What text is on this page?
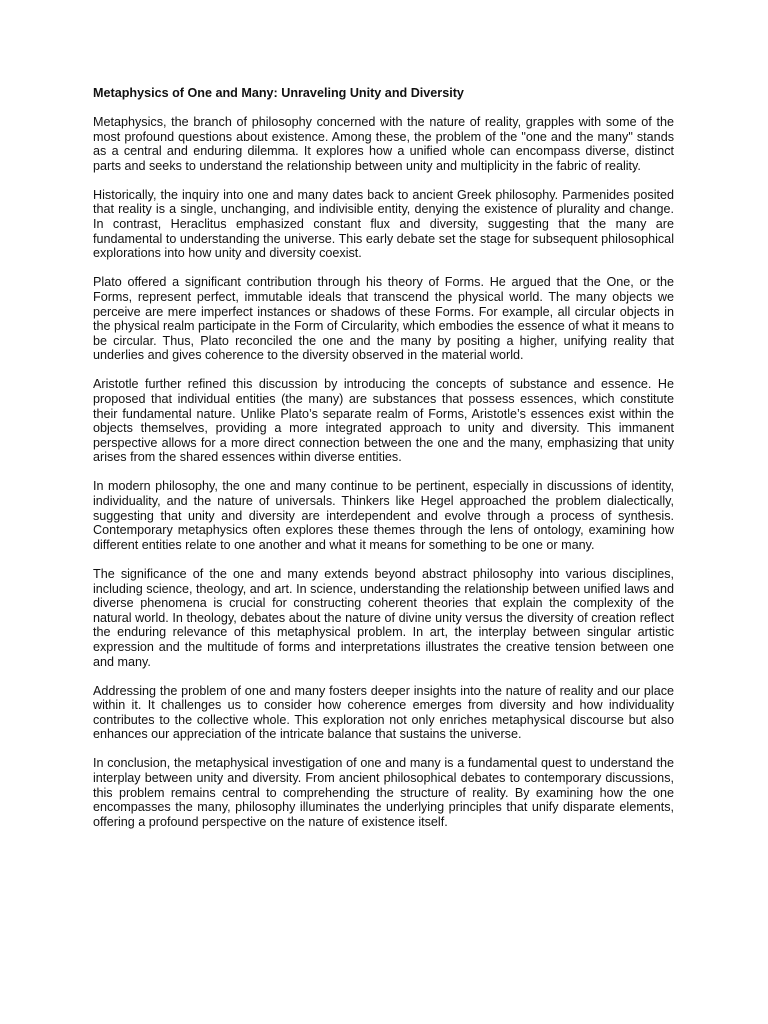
Metaphysics of One and Many: Unraveling Unity and Diversity

Metaphysics, the branch of philosophy concerned with the nature of reality, grapples with some of the most profound questions about existence. Among these, the problem of the "one and the many" stands as a central and enduring dilemma. It explores how a unified whole can encompass diverse, distinct parts and seeks to understand the relationship between unity and multiplicity in the fabric of reality.

Historically, the inquiry into one and many dates back to ancient Greek philosophy. Parmenides posited that reality is a single, unchanging, and indivisible entity, denying the existence of plurality and change. In contrast, Heraclitus emphasized constant flux and diversity, suggesting that the many are fundamental to understanding the universe. This early debate set the stage for subsequent philosophical explorations into how unity and diversity coexist.

Plato offered a significant contribution through his theory of Forms. He argued that the One, or the Forms, represent perfect, immutable ideals that transcend the physical world. The many objects we perceive are mere imperfect instances or shadows of these Forms. For example, all circular objects in the physical realm participate in the Form of Circularity, which embodies the essence of what it means to be circular. Thus, Plato reconciled the one and the many by positing a higher, unifying reality that underlies and gives coherence to the diversity observed in the material world.

Aristotle further refined this discussion by introducing the concepts of substance and essence. He proposed that individual entities (the many) are substances that possess essences, which constitute their fundamental nature. Unlike Plato’s separate realm of Forms, Aristotle’s essences exist within the objects themselves, providing a more integrated approach to unity and diversity. This immanent perspective allows for a more direct connection between the one and the many, emphasizing that unity arises from the shared essences within diverse entities.

In modern philosophy, the one and many continue to be pertinent, especially in discussions of identity, individuality, and the nature of universals. Thinkers like Hegel approached the problem dialectically, suggesting that unity and diversity are interdependent and evolve through a process of synthesis. Contemporary metaphysics often explores these themes through the lens of ontology, examining how different entities relate to one another and what it means for something to be one or many.

The significance of the one and many extends beyond abstract philosophy into various disciplines, including science, theology, and art. In science, understanding the relationship between unified laws and diverse phenomena is crucial for constructing coherent theories that explain the complexity of the natural world. In theology, debates about the nature of divine unity versus the diversity of creation reflect the enduring relevance of this metaphysical problem. In art, the interplay between singular artistic expression and the multitude of forms and interpretations illustrates the creative tension between one and many.

Addressing the problem of one and many fosters deeper insights into the nature of reality and our place within it. It challenges us to consider how coherence emerges from diversity and how individuality contributes to the collective whole. This exploration not only enriches metaphysical discourse but also enhances our appreciation of the intricate balance that sustains the universe.

In conclusion, the metaphysical investigation of one and many is a fundamental quest to understand the interplay between unity and diversity. From ancient philosophical debates to contemporary discussions, this problem remains central to comprehending the structure of reality. By examining how the one encompasses the many, philosophy illuminates the underlying principles that unify disparate elements, offering a profound perspective on the nature of existence itself.
